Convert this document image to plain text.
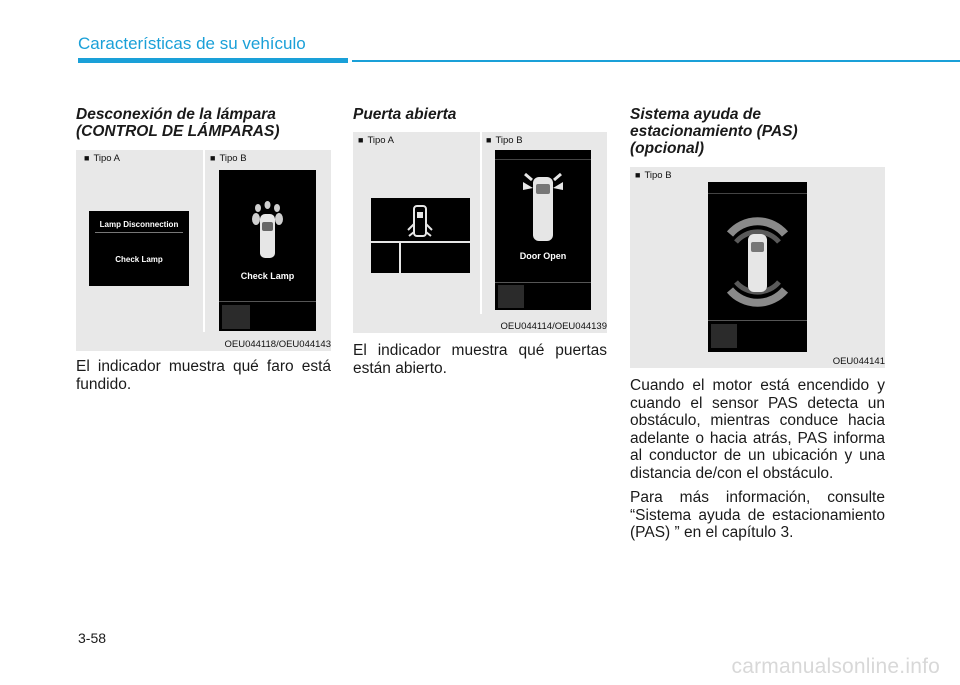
Características de su vehículo
Desconexión de la lámpara
(CONTROL DE LÁMPARAS)
■ Tipo A	■ Tipo B
Lamp Disconnection
Check Lamp
Check Lamp
OEU044118/OEU044143

El indicador muestra qué faro está fundido.

Puerta abierta
■ Tipo A	■ Tipo B
Door Open
OEU044114/OEU044139

El indicador muestra qué puertas están abierto.

Sistema ayuda de
estacionamiento (PAS)
(opcional)
■ Tipo B
OEU044141

Cuando el motor está encendido y cuando el sensor PAS detecta un obstáculo, mientras conduce hacia adelante o hacia atrás, PAS informa al conductor de un ubicación y una distancia de/con el obstáculo.

Para más información, consulte “Sistema ayuda de estacionamiento (PAS) ” en el capítulo 3.

3-58
carmanualsonline.info
